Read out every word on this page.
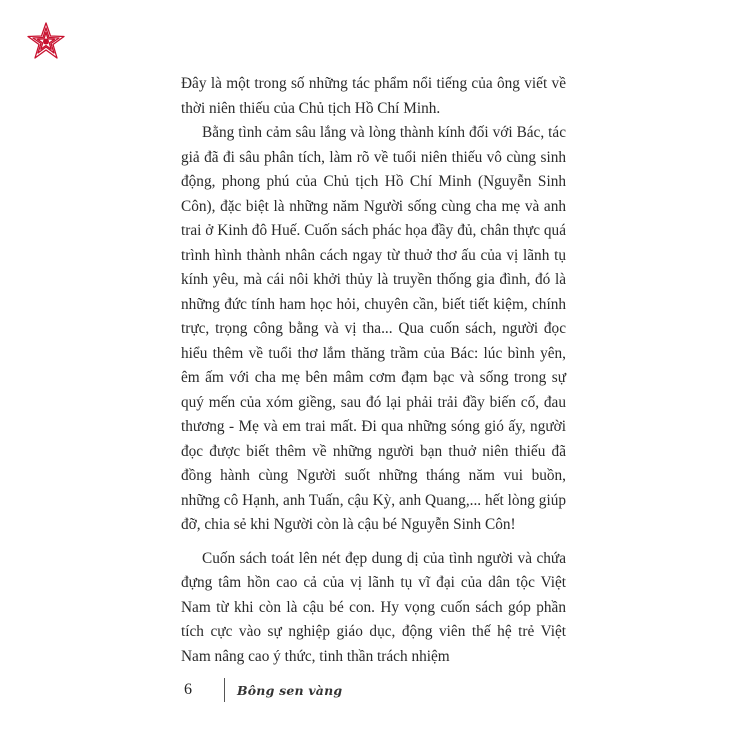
Đây là một trong số những tác phẩm nổi tiếng của ông viết về thời niên thiếu của Chủ tịch Hồ Chí Minh.

Bằng tình cảm sâu lắng và lòng thành kính đối với Bác, tác giả đã đi sâu phân tích, làm rõ về tuổi niên thiếu vô cùng sinh động, phong phú của Chủ tịch Hồ Chí Minh (Nguyễn Sinh Côn), đặc biệt là những năm Người sống cùng cha mẹ và anh trai ở Kinh đô Huế. Cuốn sách phác họa đầy đủ, chân thực quá trình hình thành nhân cách ngay từ thuở thơ ấu của vị lãnh tụ kính yêu, mà cái nôi khởi thủy là truyền thống gia đình, đó là những đức tính ham học hỏi, chuyên cần, biết tiết kiệm, chính trực, trọng công bằng và vị tha... Qua cuốn sách, người đọc hiểu thêm về tuổi thơ lắm thăng trầm của Bác: lúc bình yên, êm ấm với cha mẹ bên mâm cơm đạm bạc và sống trong sự quý mến của xóm giềng, sau đó lại phải trải đầy biến cố, đau thương - Mẹ và em trai mất. Đi qua những sóng gió ấy, người đọc được biết thêm về những người bạn thuở niên thiếu đã đồng hành cùng Người suốt những tháng năm vui buồn, những cô Hạnh, anh Tuấn, cậu Kỳ, anh Quang,... hết lòng giúp đỡ, chia sẻ khi Người còn là cậu bé Nguyễn Sinh Côn!

Cuốn sách toát lên nét đẹp dung dị của tình người và chứa đựng tâm hồn cao cả của vị lãnh tụ vĩ đại của dân tộc Việt Nam từ khi còn là cậu bé con. Hy vọng cuốn sách góp phần tích cực vào sự nghiệp giáo dục, động viên thế hệ trẻ Việt Nam nâng cao ý thức, tinh thần trách nhiệm

6	Bông sen vàng
